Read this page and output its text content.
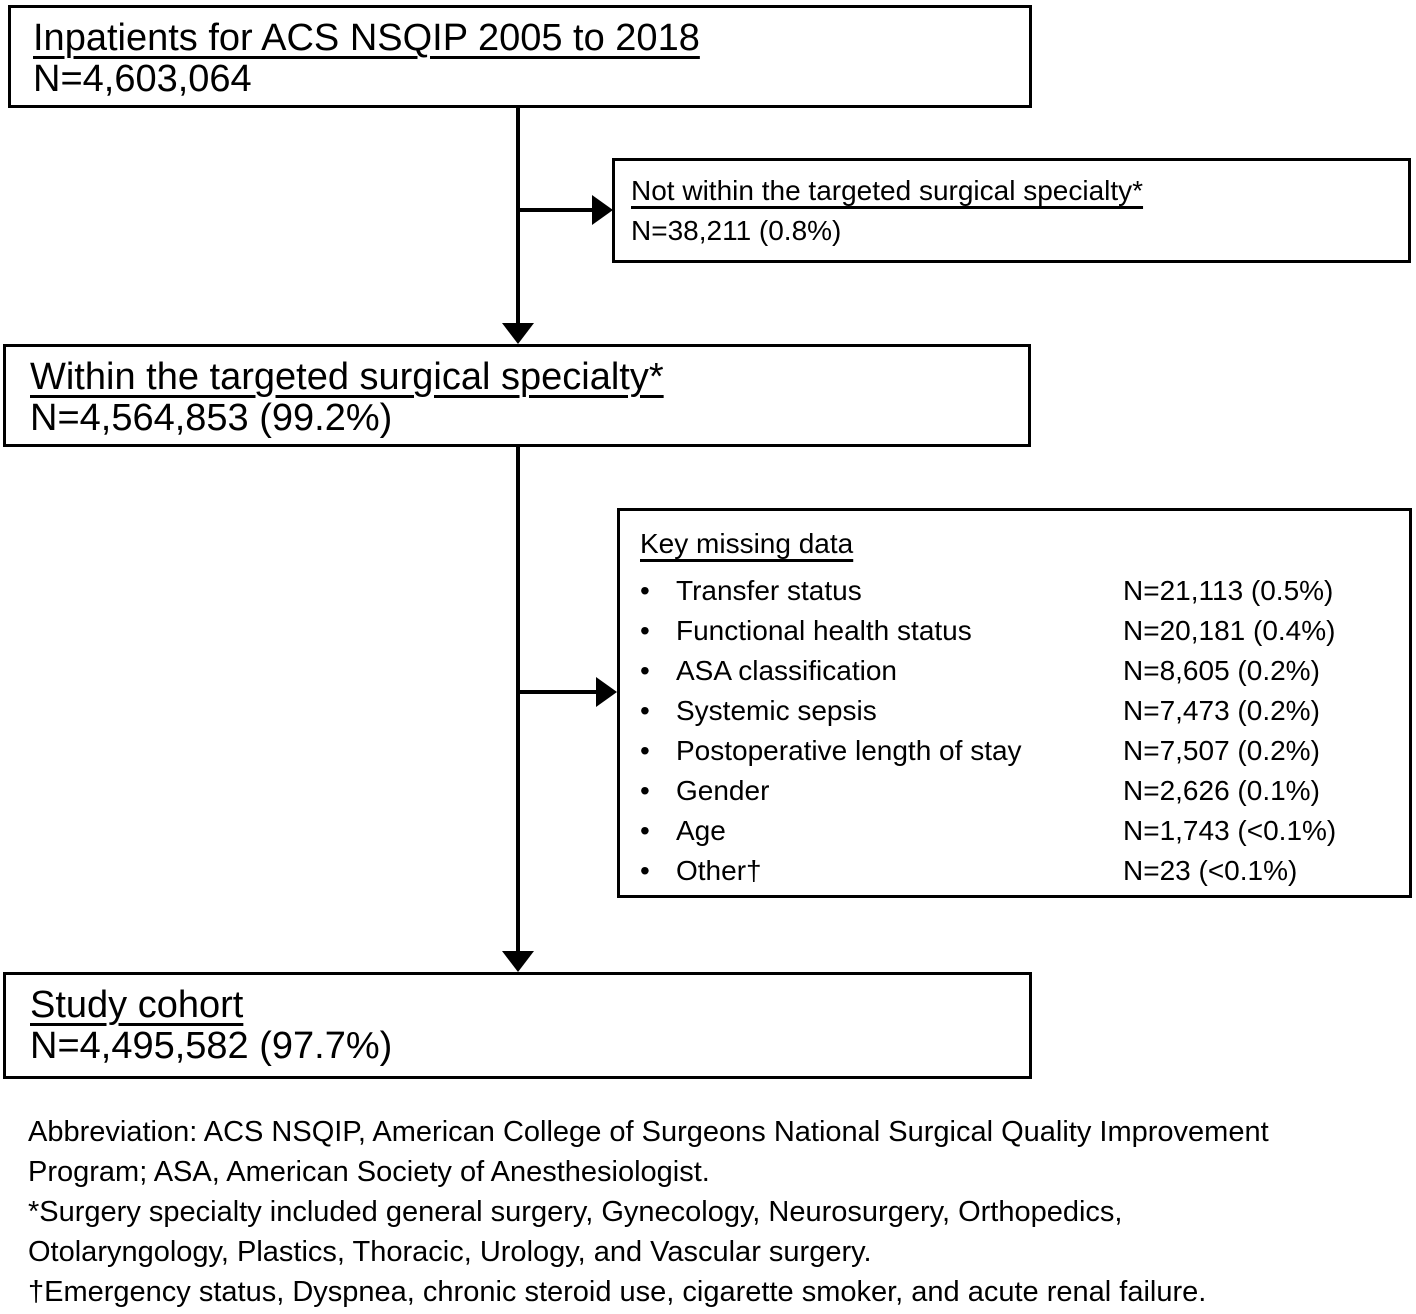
Inpatients for ACS NSQIP 2005 to 2018
N=4,603,064
Not within the targeted surgical specialty*
N=38,211 (0.8%)
Within the targeted surgical specialty*
N=4,564,853 (99.2%)
Key missing data
• Transfer status	N=21,113 (0.5%)
• Functional health status	N=20,181 (0.4%)
• ASA classification	N=8,605 (0.2%)
• Systemic sepsis	N=7,473 (0.2%)
• Postoperative length of stay	N=7,507 (0.2%)
• Gender	N=2,626 (0.1%)
• Age	N=1,743 (<0.1%)
• Other†	N=23 (<0.1%)
Study cohort
N=4,495,582 (97.7%)
Abbreviation: ACS NSQIP, American College of Surgeons National Surgical Quality Improvement
Program; ASA, American Society of Anesthesiologist.
*Surgery specialty included general surgery, Gynecology, Neurosurgery, Orthopedics,
Otolaryngology, Plastics, Thoracic, Urology, and Vascular surgery.
†Emergency status, Dyspnea, chronic steroid use, cigarette smoker, and acute renal failure.
